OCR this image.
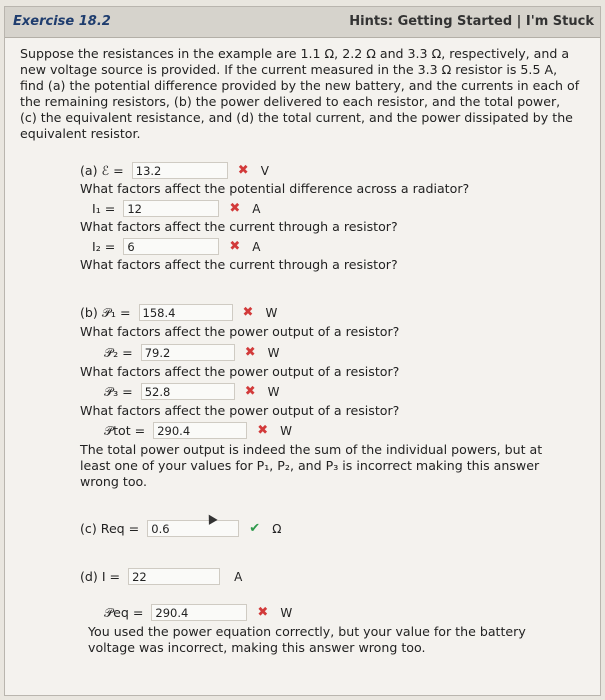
Exercise 18.2	Hints: Getting Started | I'm Stuck
Suppose the resistances in the example are 1.1 Ω, 2.2 Ω and 3.3 Ω, respectively, and a new voltage source is provided. If the current measured in the 3.3 Ω resistor is 5.5 A, find (a) the potential difference provided by the new battery, and the currents in each of the remaining resistors, (b) the power delivered to each resistor, and the total power, (c) the equivalent resistance, and (d) the total current, and the power dissipated by the equivalent resistor.
(a) ℰ = 13.2	✖ V
What factors affect the potential difference across a radiator?
I₁ = 12	✖ A
What factors affect the current through a resistor?
I₂ = 6	✖ A
What factors affect the current through a resistor?
(b) 𝒫₁ = 158.4	✖ W
What factors affect the power output of a resistor?
𝒫₂ = 79.2	✖ W
What factors affect the power output of a resistor?
𝒫₃ = 52.8	✖ W
What factors affect the power output of a resistor?
𝒫tot = 290.4	✖ W
The total power output is indeed the sum of the individual powers, but at least one of your values for P₁, P₂, and P₃ is incorrect making this answer wrong too.
(c) Req = 0.6	✔ Ω
(d) I = 22	A
𝒫eq = 290.4	✖ W
You used the power equation correctly, but your value for the battery voltage was incorrect, making this answer wrong too.
